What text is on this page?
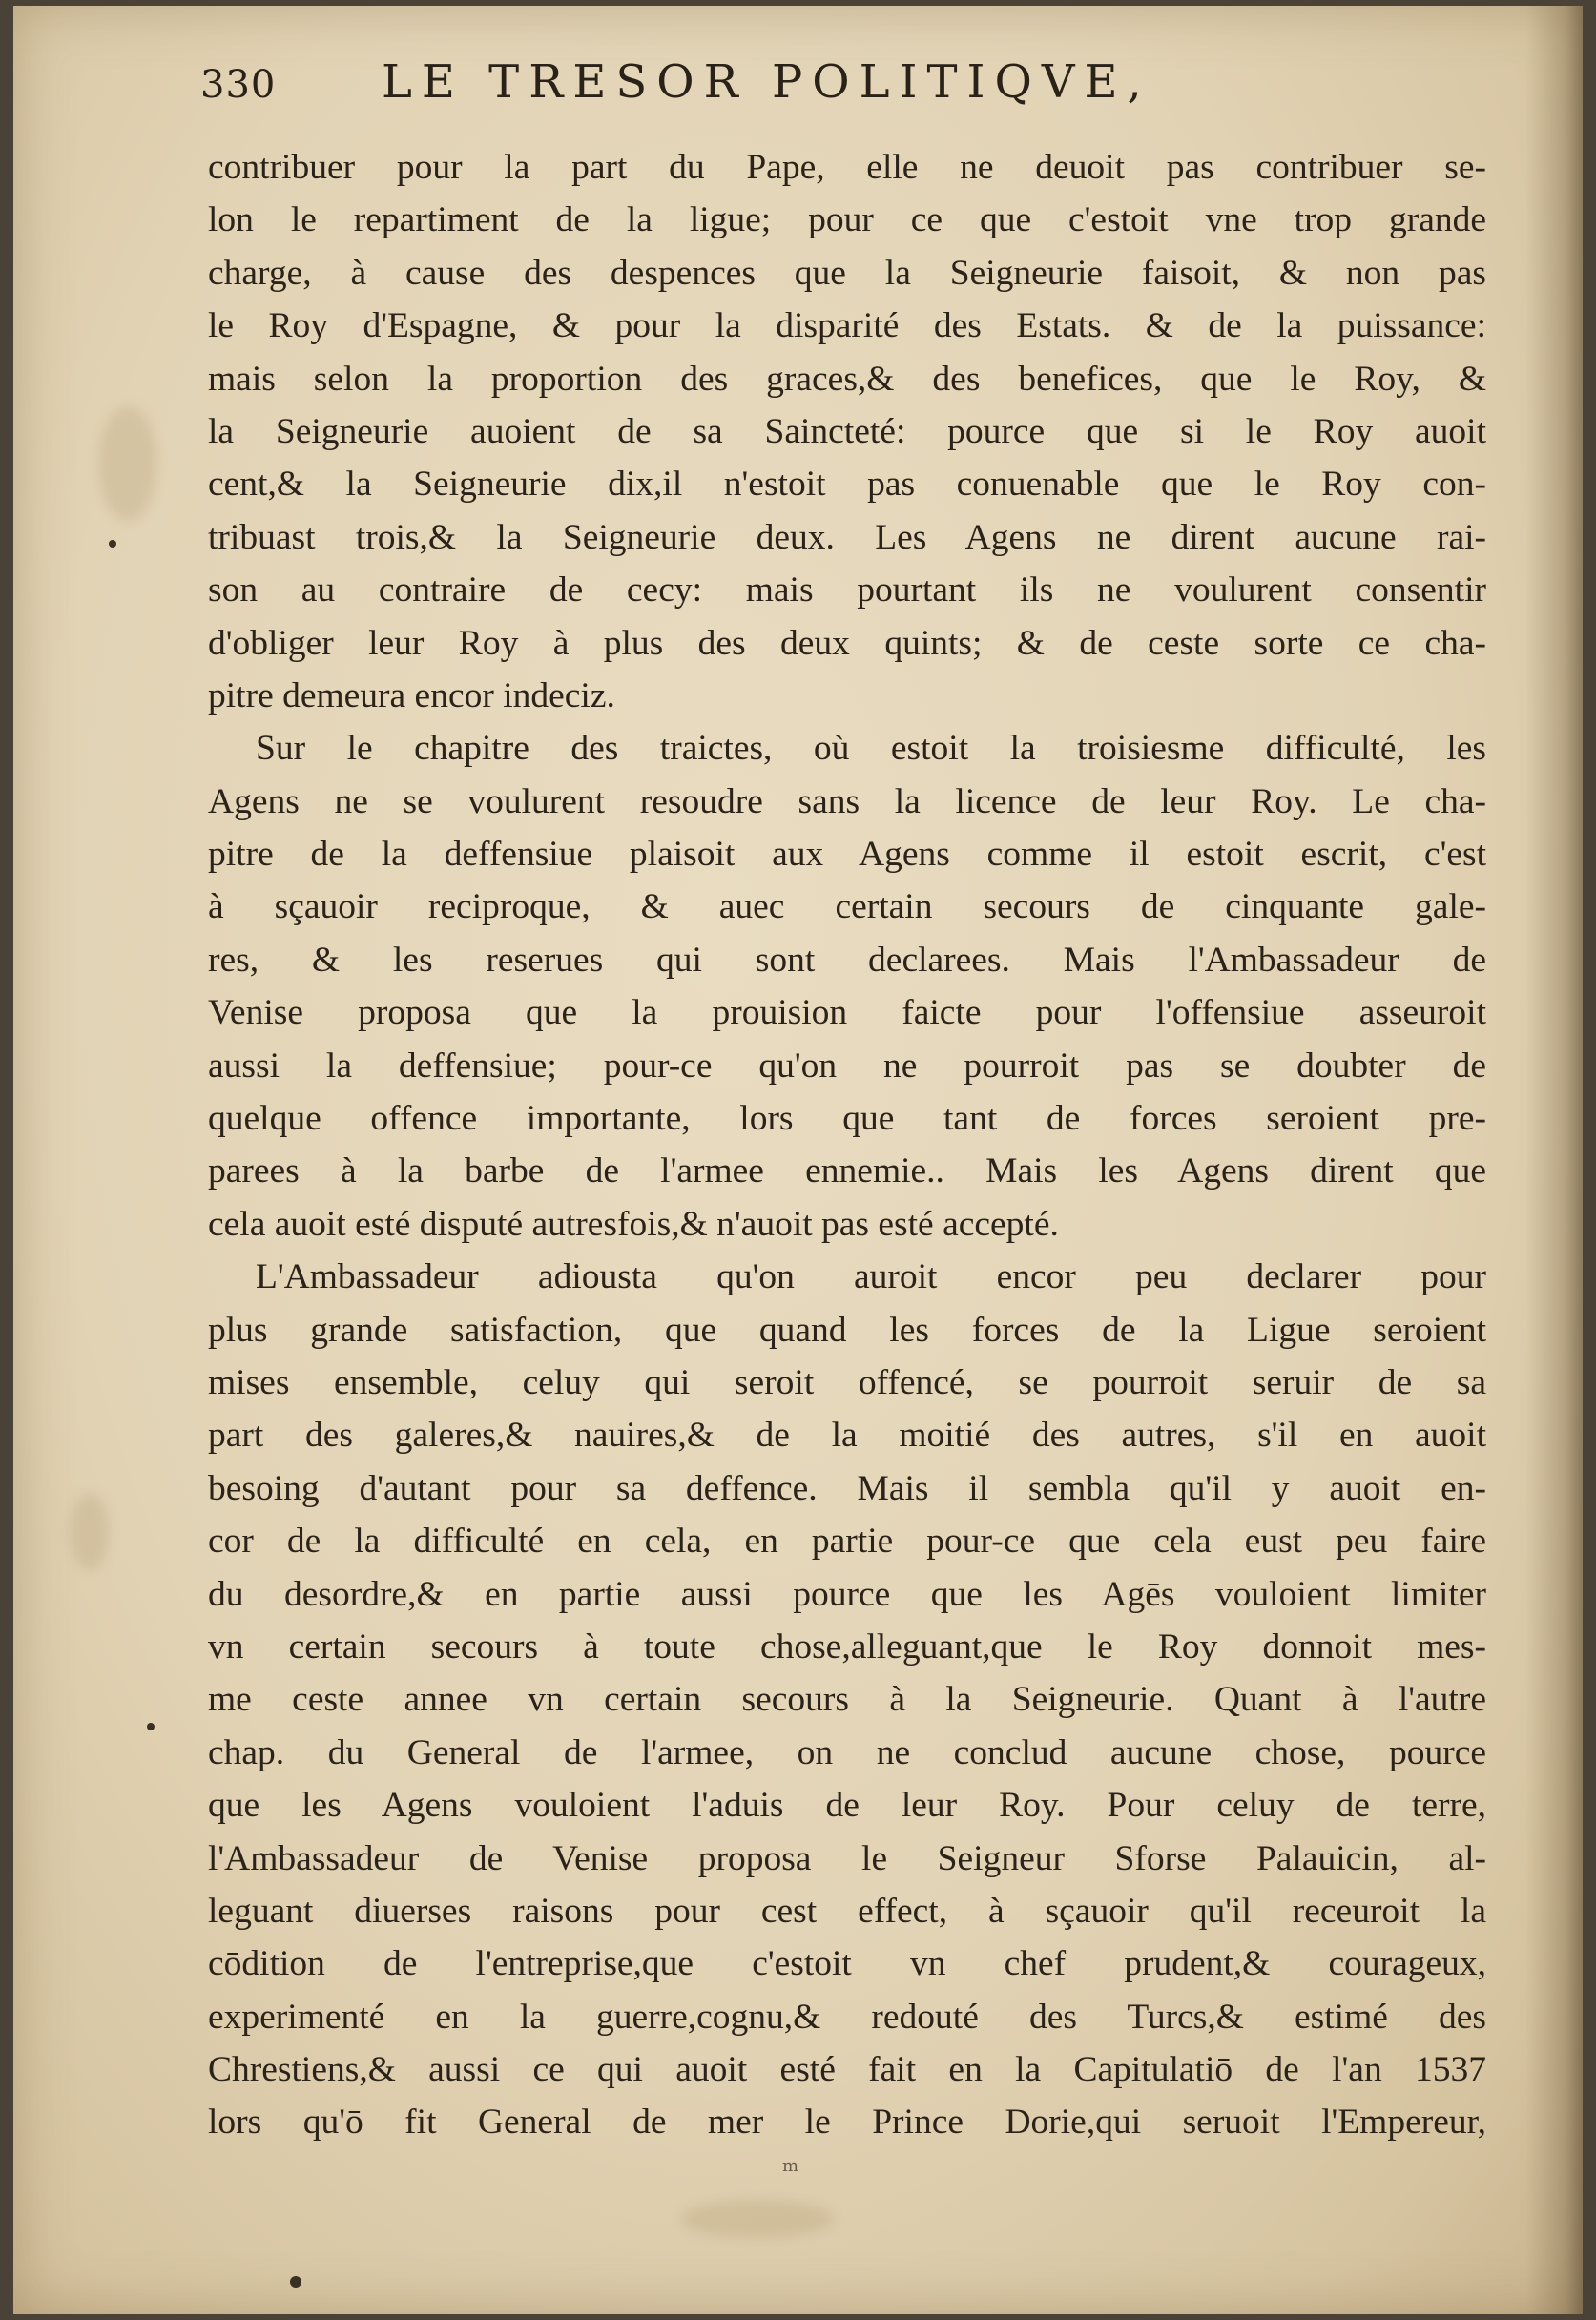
330 LE TRESOR POLITIQVE,
contribuer pour la part du Pape, elle ne deuoit pas contribuer se-
lon le repartiment de la ligue; pour ce que c'estoit vne trop grande
charge, à cause des despences que la Seigneurie faisoit, & non pas
le Roy d'Espagne, & pour la disparité des Estats. & de la puissance:
mais selon la proportion des graces,& des benefices, que le Roy, &
la Seigneurie auoient de sa Saincteté: pource que si le Roy auoit
cent,& la Seigneurie dix,il n'estoit pas conuenable que le Roy con-
tribuast trois,& la Seigneurie deux. Les Agens ne dirent aucune rai-
son au contraire de cecy: mais pourtant ils ne voulurent consentir
d'obliger leur Roy à plus des deux quints; & de ceste sorte ce cha-
pitre demeura encor indeciz.
Sur le chapitre des traictes, où estoit la troisiesme difficulté, les
Agens ne se voulurent resoudre sans la licence de leur Roy. Le cha-
pitre de la deffensiue plaisoit aux Agens comme il estoit escrit, c'est
à sçauoir reciproque, & auec certain secours de cinquante gale-
res, & les reserues qui sont declarees. Mais l'Ambassadeur de
Venise proposa que la prouision faicte pour l'offensiue asseuroit
aussi la deffensiue; pour-ce qu'on ne pourroit pas se doubter de
quelque offence importante, lors que tant de forces seroient pre-
parees à la barbe de l'armee ennemie.. Mais les Agens dirent que
cela auoit esté disputé autresfois,& n'auoit pas esté accepté.
L'Ambassadeur adiousta qu'on auroit encor peu declarer pour
plus grande satisfaction, que quand les forces de la Ligue seroient
mises ensemble, celuy qui seroit offencé, se pourroit seruir de sa
part des galeres,& nauires,& de la moitié des autres, s'il en auoit
besoing d'autant pour sa deffence. Mais il sembla qu'il y auoit en-
cor de la difficulté en cela, en partie pour-ce que cela eust peu faire
du desordre,& en partie aussi pource que les Agēs vouloient limiter
vn certain secours à toute chose,alleguant,que le Roy donnoit mes-
me ceste annee vn certain secours à la Seigneurie. Quant à l'autre
chap. du General de l'armee, on ne conclud aucune chose, pource
que les Agens vouloient l'aduis de leur Roy. Pour celuy de terre,
l'Ambassadeur de Venise proposa le Seigneur Sforse Palauicin, al-
leguant diuerses raisons pour cest effect, à sçauoir qu'il receuroit la
cōdition de l'entreprise,que c'estoit vn chef prudent,& courageux,
experimenté en la guerre,cognu,& redouté des Turcs,& estimé des
Chrestiens,& aussi ce qui auoit esté fait en la Capitulatiō de l'an 1537
lors qu'ō fit General de mer le Prince Dorie,qui seruoit l'Empereur,
m
